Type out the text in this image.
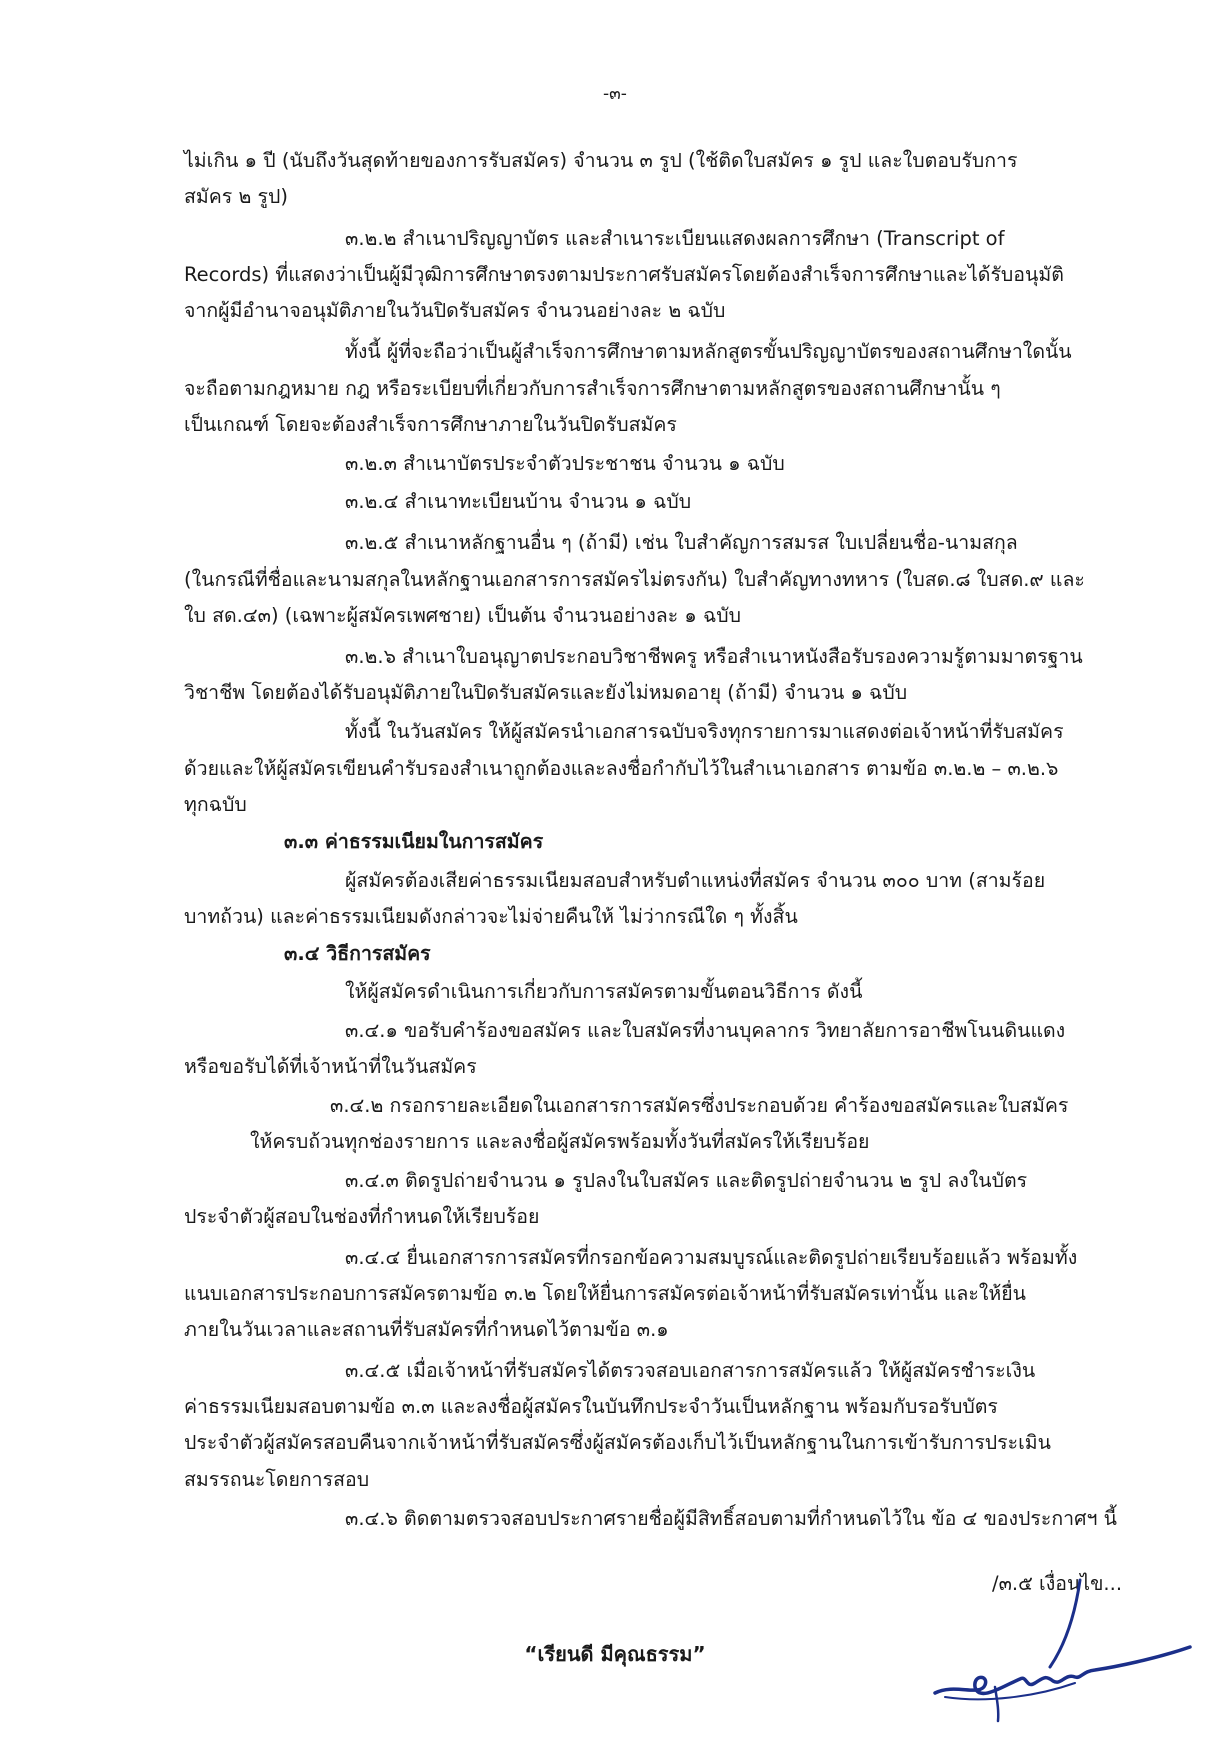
-๓-
ไม่เกิน ๑ ปี (นับถึงวันสุดท้ายของการรับสมัคร) จำนวน ๓ รูป (ใช้ติดใบสมัคร ๑ รูป และใบตอบรับการ
สมัคร ๒ รูป)
๓.๒.๒ สำเนาปริญญาบัตร และสำเนาระเบียนแสดงผลการศึกษา (Transcript of
Records) ที่แสดงว่าเป็นผู้มีวุฒิการศึกษาตรงตามประกาศรับสมัครโดยต้องสำเร็จการศึกษาและได้รับอนุมัติ
จากผู้มีอำนาจอนุมัติภายในวันปิดรับสมัคร จำนวนอย่างละ ๒ ฉบับ
ทั้งนี้ ผู้ที่จะถือว่าเป็นผู้สำเร็จการศึกษาตามหลักสูตรขั้นปริญญาบัตรของสถานศึกษาใดนั้น
จะถือตามกฎหมาย กฎ หรือระเบียบที่เกี่ยวกับการสำเร็จการศึกษาตามหลักสูตรของสถานศึกษานั้น ๆ
เป็นเกณฑ์ โดยจะต้องสำเร็จการศึกษาภายในวันปิดรับสมัคร
๓.๒.๓ สำเนาบัตรประจำตัวประชาชน จำนวน ๑ ฉบับ
๓.๒.๔ สำเนาทะเบียนบ้าน จำนวน ๑ ฉบับ
๓.๒.๕ สำเนาหลักฐานอื่น ๆ (ถ้ามี) เช่น ใบสำคัญการสมรส ใบเปลี่ยนชื่อ-นามสกุล
(ในกรณีที่ชื่อและนามสกุลในหลักฐานเอกสารการสมัครไม่ตรงกัน) ใบสำคัญทางทหาร (ใบสด.๘ ใบสด.๙ และ
ใบ สด.๔๓) (เฉพาะผู้สมัครเพศชาย) เป็นต้น จำนวนอย่างละ ๑ ฉบับ
๓.๒.๖ สำเนาใบอนุญาตประกอบวิชาชีพครู หรือสำเนาหนังสือรับรองความรู้ตามมาตรฐาน
วิชาชีพ โดยต้องได้รับอนุมัติภายในปิดรับสมัครและยังไม่หมดอายุ (ถ้ามี) จำนวน ๑ ฉบับ
ทั้งนี้ ในวันสมัคร ให้ผู้สมัครนำเอกสารฉบับจริงทุกรายการมาแสดงต่อเจ้าหน้าที่รับสมัคร
ด้วยและให้ผู้สมัครเขียนคำรับรองสำเนาถูกต้องและลงชื่อกำกับไว้ในสำเนาเอกสาร ตามข้อ ๓.๒.๒ – ๓.๒.๖
ทุกฉบับ
๓.๓ ค่าธรรมเนียมในการสมัคร
ผู้สมัครต้องเสียค่าธรรมเนียมสอบสำหรับตำแหน่งที่สมัคร จำนวน ๓๐๐ บาท (สามร้อย
บาทถ้วน) และค่าธรรมเนียมดังกล่าวจะไม่จ่ายคืนให้ ไม่ว่ากรณีใด ๆ ทั้งสิ้น
๓.๔ วิธีการสมัคร
ให้ผู้สมัครดำเนินการเกี่ยวกับการสมัครตามขั้นตอนวิธีการ ดังนี้
๓.๔.๑ ขอรับคำร้องขอสมัคร และใบสมัครที่งานบุคลากร วิทยาลัยการอาชีพโนนดินแดง
หรือขอรับได้ที่เจ้าหน้าที่ในวันสมัคร
๓.๔.๒ กรอกรายละเอียดในเอกสารการสมัครซึ่งประกอบด้วย คำร้องขอสมัครและใบสมัคร
ให้ครบถ้วนทุกช่องรายการ และลงชื่อผู้สมัครพร้อมทั้งวันที่สมัครให้เรียบร้อย
๓.๔.๓ ติดรูปถ่ายจำนวน ๑ รูปลงในใบสมัคร และติดรูปถ่ายจำนวน ๒ รูป ลงในบัตร
ประจำตัวผู้สอบในช่องที่กำหนดให้เรียบร้อย
๓.๔.๔ ยื่นเอกสารการสมัครที่กรอกข้อความสมบูรณ์และติดรูปถ่ายเรียบร้อยแล้ว พร้อมทั้ง
แนบเอกสารประกอบการสมัครตามข้อ ๓.๒ โดยให้ยื่นการสมัครต่อเจ้าหน้าที่รับสมัครเท่านั้น และให้ยื่น
ภายในวันเวลาและสถานที่รับสมัครที่กำหนดไว้ตามข้อ ๓.๑
๓.๔.๕ เมื่อเจ้าหน้าที่รับสมัครได้ตรวจสอบเอกสารการสมัครแล้ว ให้ผู้สมัครชำระเงิน
ค่าธรรมเนียมสอบตามข้อ ๓.๓ และลงชื่อผู้สมัครในบันทึกประจำวันเป็นหลักฐาน พร้อมกับรอรับบัตร
ประจำตัวผู้สมัครสอบคืนจากเจ้าหน้าที่รับสมัครซึ่งผู้สมัครต้องเก็บไว้เป็นหลักฐานในการเข้ารับการประเมิน
สมรรถนะโดยการสอบ
๓.๔.๖ ติดตามตรวจสอบประกาศรายชื่อผู้มีสิทธิ์สอบตามที่กำหนดไว้ใน ข้อ ๔ ของประกาศฯ นี้
/๓.๕ เงื่อนไข...
“เรียนดี มีคุณธรรม”
